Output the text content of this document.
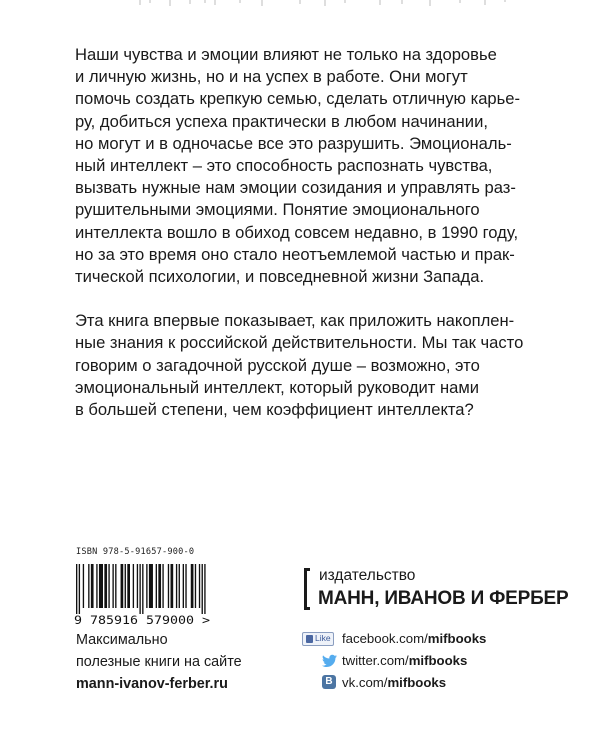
Наши чувства и эмоции влияют не только на здоровье

и личную жизнь, но и на успех в работе. Они могут

помочь создать крепкую семью, сделать отличную карье-

ру, добиться успеха практически в любом начинании,

но могут и в одночасье все это разрушить. Эмоциональ-

ный интеллект – это способность распознать чувства,

вызвать нужные нам эмоции созидания и управлять раз-

рушительными эмоциями. Понятие эмоционального

интеллекта вошло в обиход совсем недавно, в 1990 году,

но за это время оно стало неотъемлемой частью и прак-

тической психологии, и повседневной жизни Запада.

Эта книга впервые показывает, как приложить накоплен-

ные знания к российской действительности. Мы так часто

говорим о загадочной русской душе – возможно, это

эмоциональный интеллект, который руководит нами

в большей степени, чем коэффициент интеллекта?

ISBN 978-5-91657-900-0
9 785916 579000 >
издательство
МАНН, ИВАНОВ И ФЕРБЕР
Максимально
полезные книги на сайте
mann-ivanov-ferber.ru
Like facebook.com/mifbooks
twitter.com/mifbooks
B vk.com/mifbooks
